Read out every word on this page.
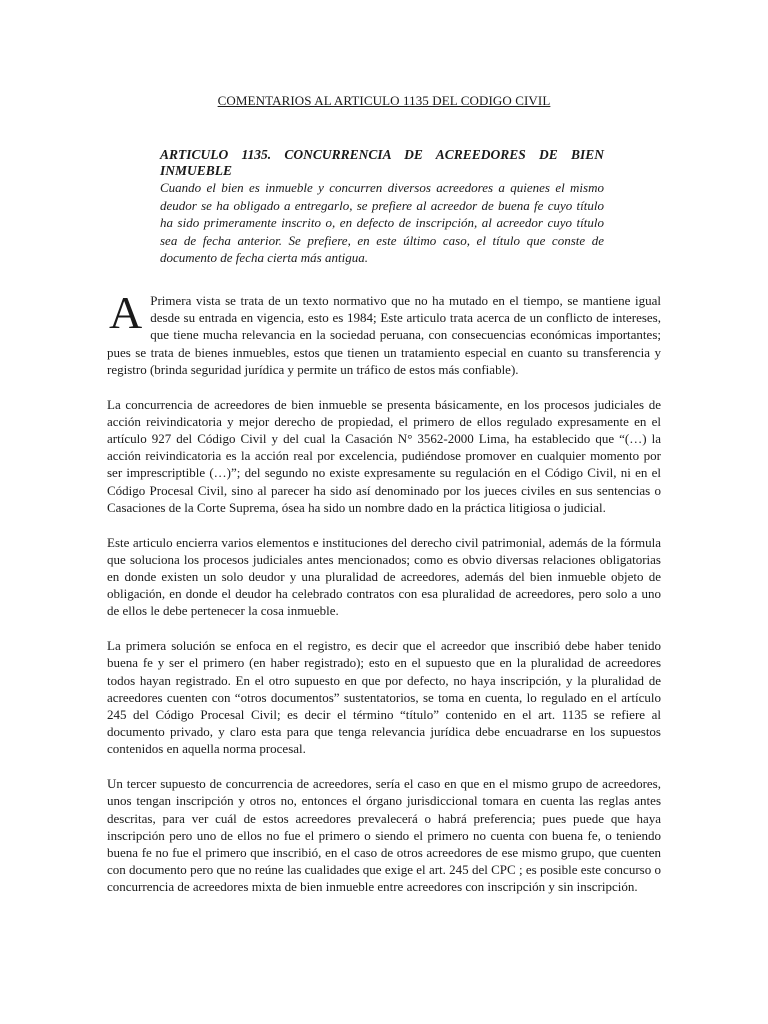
COMENTARIOS AL ARTICULO 1135 DEL CODIGO CIVIL

ARTICULO 1135. CONCURRENCIA DE ACREEDORES DE BIEN INMUEBLE

Cuando el bien es inmueble y concurren diversos acreedores a quienes el mismo deudor se ha obligado a entregarlo, se prefiere al acreedor de buena fe cuyo título ha sido primeramente inscrito o, en defecto de inscripción, al acreedor cuyo título sea de fecha anterior. Se prefiere, en este último caso, el título que conste de documento de fecha cierta más antigua.

A Primera vista se trata de un texto normativo que no ha mutado en el tiempo, se mantiene igual desde su entrada en vigencia, esto es 1984; Este articulo trata acerca de un conflicto de intereses, que tiene mucha relevancia en la sociedad peruana, con consecuencias económicas importantes; pues se trata de bienes inmuebles, estos que tienen un tratamiento especial en cuanto su transferencia y registro (brinda seguridad jurídica y permite un tráfico de estos más confiable).

La concurrencia de acreedores de bien inmueble se presenta básicamente, en los procesos judiciales de acción reivindicatoria y mejor derecho de propiedad, el primero de ellos regulado expresamente en el artículo 927 del Código Civil y del cual la Casación N° 3562-2000 Lima, ha establecido que “(…) la acción reivindicatoria es la acción real por excelencia, pudiéndose promover en cualquier momento por ser imprescriptible (…)”; del segundo no existe expresamente su regulación en el Código Civil, ni en el Código Procesal Civil, sino al parecer ha sido así denominado por los jueces civiles en sus sentencias o Casaciones de la Corte Suprema, ósea ha sido un nombre dado en la práctica litigiosa o judicial.

Este articulo encierra varios elementos e instituciones del derecho civil patrimonial, además de la fórmula que soluciona los procesos judiciales antes mencionados; como es obvio diversas relaciones obligatorias en donde existen un solo deudor y una pluralidad de acreedores, además del bien inmueble objeto de obligación, en donde el deudor ha celebrado contratos con esa pluralidad de acreedores, pero solo a uno de ellos le debe pertenecer la cosa inmueble.

La primera solución se enfoca en el registro, es decir que el acreedor que inscribió debe haber tenido buena fe y ser el primero (en haber registrado); esto en el supuesto que en la pluralidad de acreedores todos hayan registrado. En el otro supuesto en que por defecto, no haya inscripción, y la pluralidad de acreedores cuenten con “otros documentos” sustentatorios, se toma en cuenta, lo regulado en el artículo 245 del Código Procesal Civil; es decir el término “título” contenido en el art. 1135 se refiere al documento privado, y claro esta para que tenga relevancia jurídica debe encuadrarse en los supuestos contenidos en aquella norma procesal.

Un tercer supuesto de concurrencia de acreedores, sería el caso en que en el mismo grupo de acreedores, unos tengan inscripción y otros no, entonces el órgano jurisdiccional tomara en cuenta las reglas antes descritas, para ver cuál de estos acreedores prevalecerá o habrá preferencia; pues puede que haya inscripción pero uno de ellos no fue el primero o siendo el primero no cuenta con buena fe, o teniendo buena fe no fue el primero que inscribió, en el caso de otros acreedores de ese mismo grupo, que cuenten con documento pero que no reúne las cualidades que exige el art. 245 del CPC ; es posible este concurso o concurrencia de acreedores mixta de bien inmueble entre acreedores con inscripción y sin inscripción.
